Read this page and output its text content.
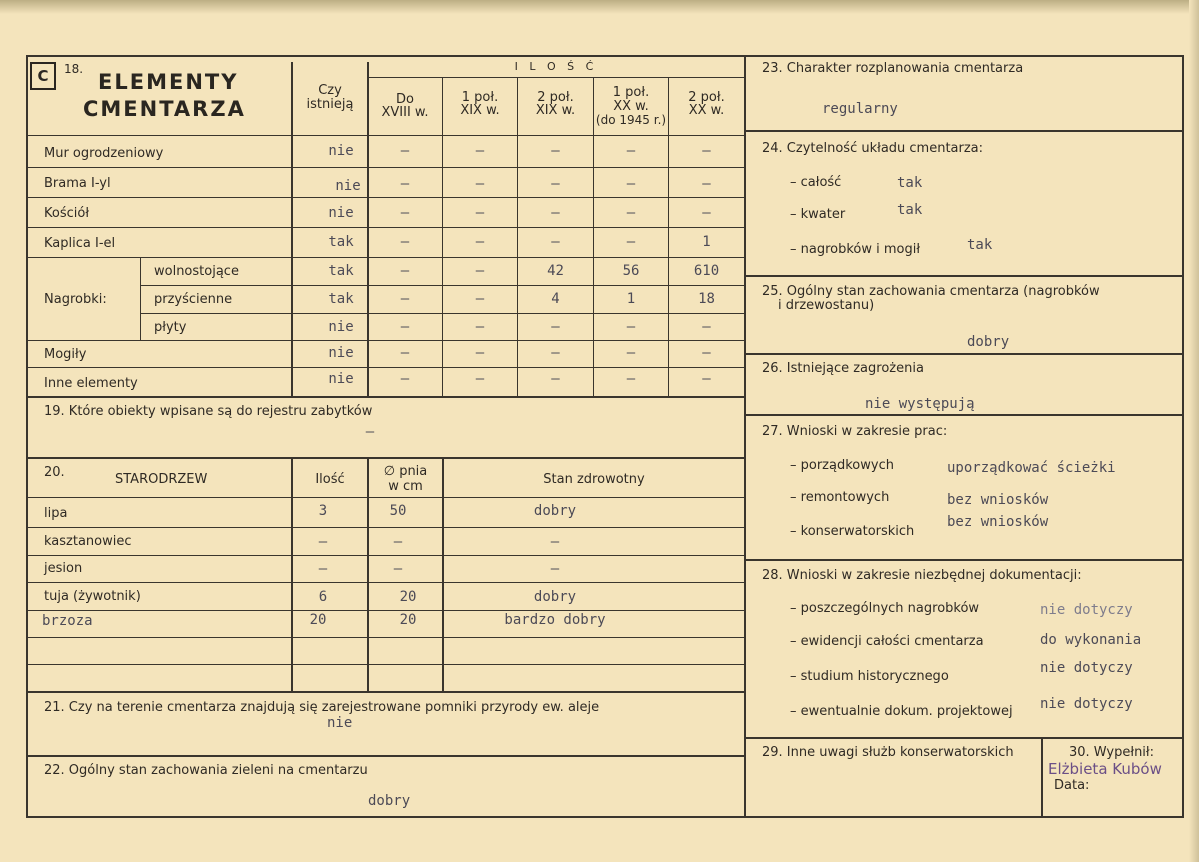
C	18.
ELEMENTY
CMENTARZA
Czy
istnieją
I L O Ś Ć
Do
XVIII w.
1 poł.
XIX w.
2 poł.
XIX w.
1 poł.
XX w.
(do 1945 r.)
2 poł.
XX w.
Mur ogrodzeniowy	nie	–	–	–	–	–
Brama I-yl	nie	–	–	–	–	–
Kościół	nie	–	–	–	–	–
Kaplica I-el	tak	–	–	–	–	1
Nagrobki:
wolnostojące	tak	–	–	42	56	610
przyścienne	tak	–	–	4	1	18
płyty	nie	–	–	–	–	–
Mogiły	nie	–	–	–	–	–
Inne elementy	nie	–	–	–	–	–
19. Które obiekty wpisane są do rejestru zabytków
–
20.	STARODRZEW	Ilość
∅ pnia
w cm	Stan zdrowotny
lipa	3	50	dobry
kasztanowiec	–	–	–
jesion	–	–	–
tuja (żywotnik)	6	20	dobry
brzoza	20	20	bardzo dobry
21. Czy na terenie cmentarza znajdują się zarejestrowane pomniki przyrody ew. aleje
nie
22. Ogólny stan zachowania zieleni na cmentarzu
dobry
23. Charakter rozplanowania cmentarza
regularny
24. Czytelność układu cmentarza:
– całość	tak
– kwater	tak
– nagrobków i mogił	tak
25. Ogólny stan zachowania cmentarza (nagrobków
i drzewostanu)
dobry
26. Istniejące zagrożenia
nie występują
27. Wnioski w zakresie prac:
– porządkowych	uporządkować ścieżki
– remontowych	bez wniosków
– konserwatorskich
bez wniosków
28. Wnioski w zakresie niezbędnej dokumentacji:
– poszczególnych nagrobków	nie dotyczy
– ewidencji całości cmentarza	do wykonania
– studium historycznego
nie dotyczy
– ewentualnie dokum. projektowej nie dotyczy
29. Inne uwagi służb konserwatorskich	30. Wypełnił:
Elżbieta Kubów
Data:
